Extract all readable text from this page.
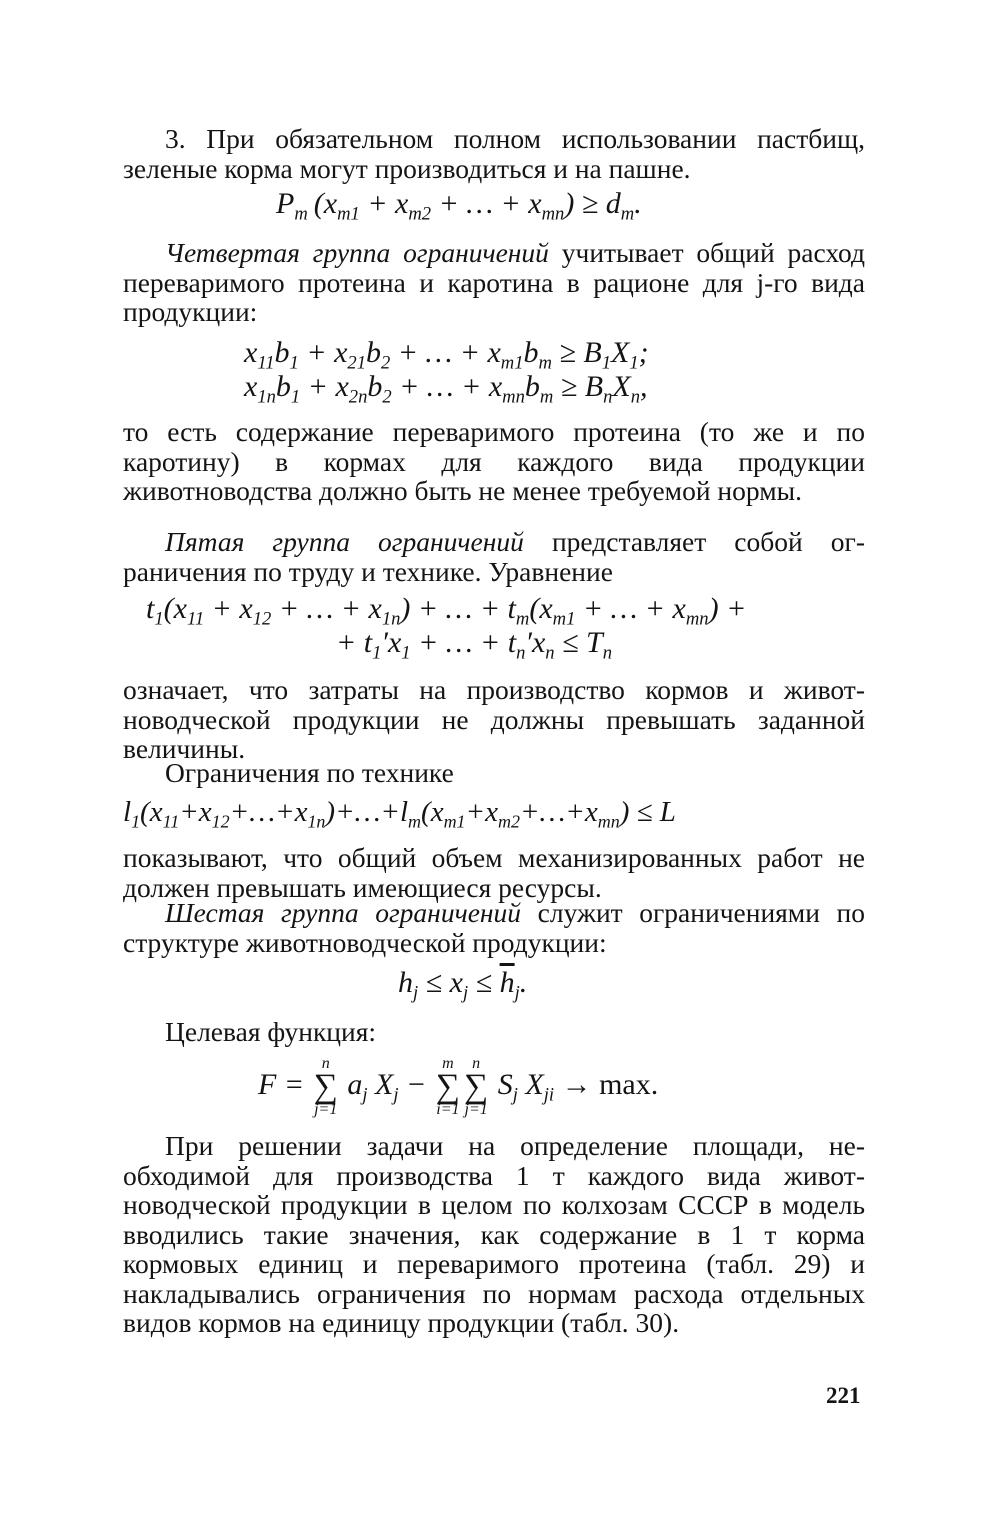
3. При обязательном полном использовании пастбищ, зеленые корма могут производиться и на пашне.

$P_m$ ($x_{m1} + x_{m2}$ + … + $x_{mn}) \ge d_m$.

Четвертая группа ограничений учитывает общий расход переваримого протеина и каротина в рационе для j-го вида продукции:

$x_{11}b_1 + x_{21}b_2$ + … + $x_{m1}b_m \ge B_1X_1$;
$x_{1n}b_1 + x_{2n}b_2$ + … + $x_{mn}b_m \ge B_nX_n$,

то есть содержание переваримого протеина (то же и по каротину) в кормах для каждого вида продукции животноводства должно быть не менее требуемой нормы.

Пятая группа ограничений представляет собой ограничения по труду и технике. Уравнение

$t_1(x_{11} + x_{12}$ + … + $x_{1n}$) + … + $t_m(x_{m1}$ + … + $x_{mn}$) +
+ $t_1'x_1$ + … + $t_n'x_n \le T_n$

означает, что затраты на производство кормов и животноводческой продукции не должны превышать заданной величины.

Ограничения по технике

$l_1(x_{11}+x_{12}+\dots+x_{1n})+\dots+l_m(x_{m1}+x_{m2}+\dots+x_{mn}) \le L$

показывают, что общий объем механизированных работ не должен превышать имеющиеся ресурсы.

Шестая группа ограничений служит ограничениями по структуре животноводческой продукции:

$h_j \le x_j \le \overline{h}_j$.

Целевая функция:

F =
n
∑
j=1
$a_j$ $X_j$ −
m
∑
i=1
n
∑
j=1
$S_j$ $X_{ji} \to \max$.

При решении задачи на определение площади, необходимой для производства 1 т каждого вида животноводческой продукции в целом по колхозам СССР в модель вводились такие значения, как содержание в 1 т корма кормовых единиц и переваримого протеина (табл. 29) и накладывались ограничения по нормам расхода отдельных видов кормов на единицу продукции (табл. 30).

221
